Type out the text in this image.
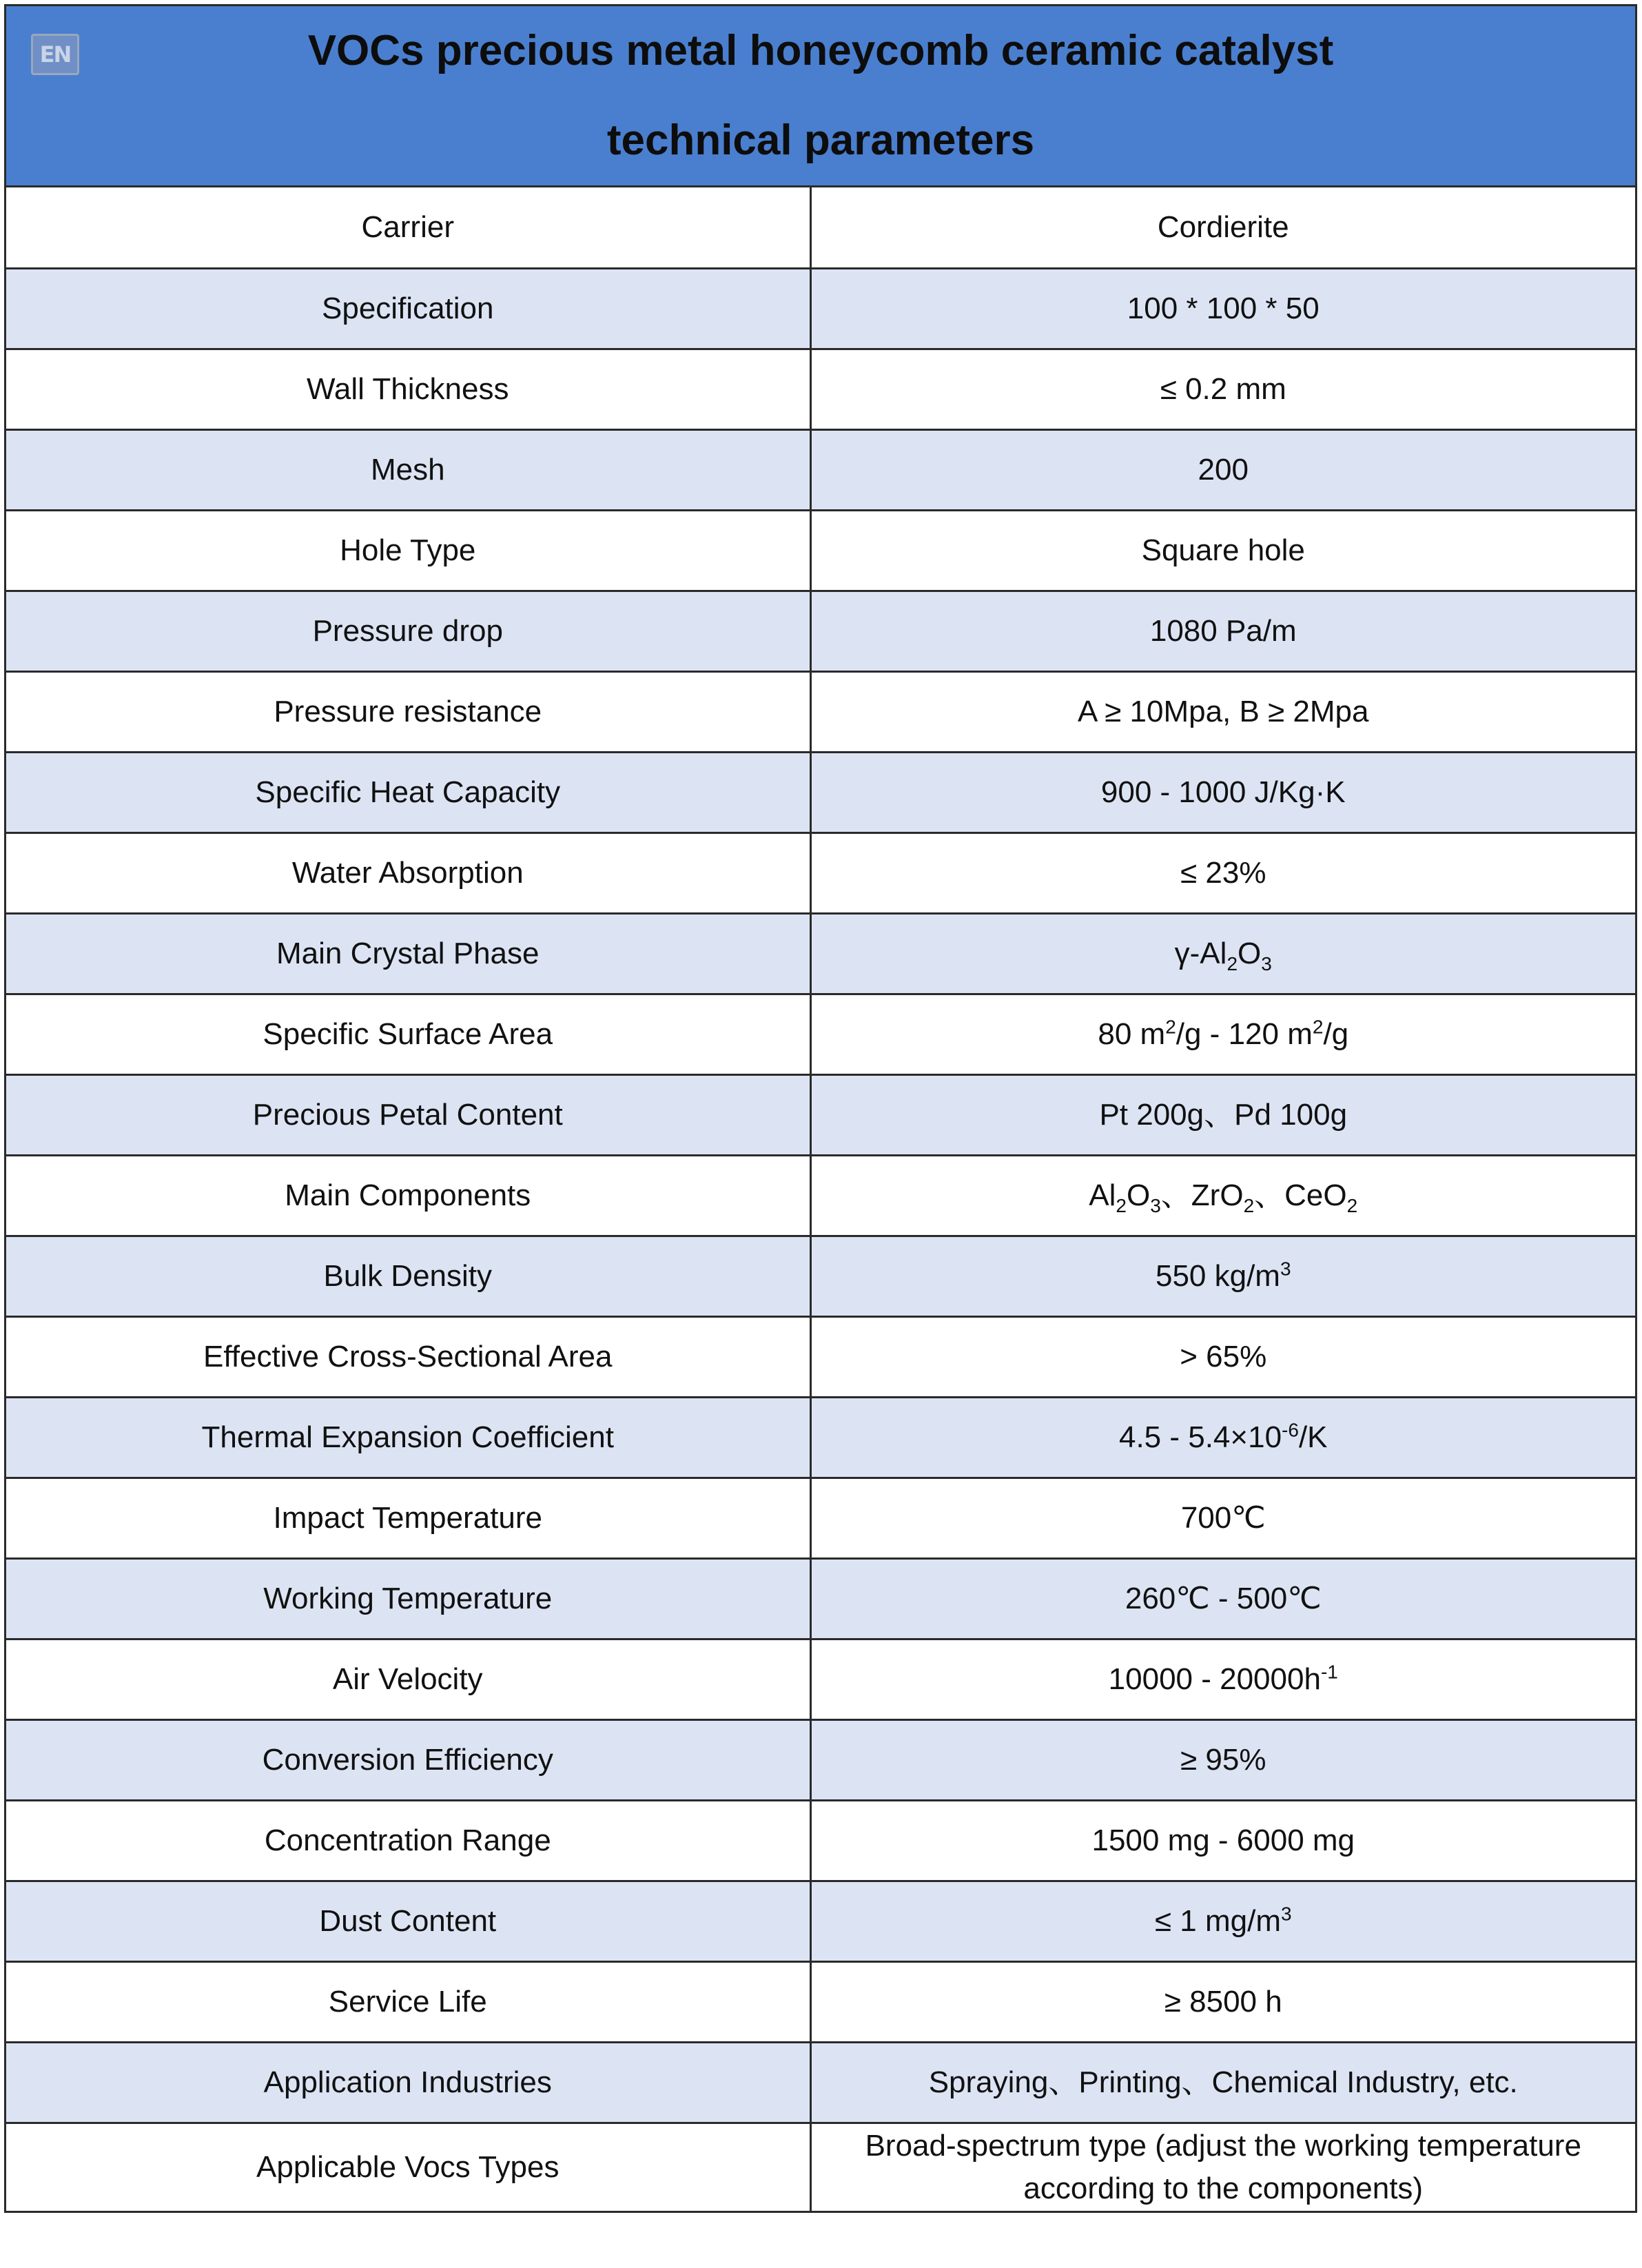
EN	VOCs precious metal honeycomb ceramic catalyst
technical parameters
Carrier	Cordierite
Specification	100 * 100 * 50
Wall Thickness	≤ 0.2 mm
Mesh	200
Hole Type	Square hole
Pressure drop	1080 Pa/m
Pressure resistance	A ≥ 10Mpa, B ≥ 2Mpa
Specific Heat Capacity	900 - 1000 J/Kg·K
Water Absorption	≤ 23%
Main Crystal Phase	$\gamma-Al_2O_3$
Specific Surface Area	80 $m^2/g - 120$ $m^2/g$
Precious Petal Content	Pt 200g、Pd 100g
Main Components	$Al_2O_3$、ZrO$_2$、CeO$_2$
Bulk Density	550 $kg/m^3$
Effective Cross-Sectional Area	> 65%
Thermal Expansion Coefficient	$4.5 - 5.4\times 10^{-6}/K$
Impact Temperature	700℃
Working Temperature	260℃ - 500℃
Air Velocity	$10000 - 20000h^{-1}$
Conversion Efficiency	≥ 95%
Concentration Range	1500 mg - 6000 mg
Dust Content	≤ 1 $mg/m^3$
Service Life	≥ 8500 h
Application Industries	Spraying、Printing、Chemical Industry, etc.
Applicable Vocs Types	Broad-spectrum type (adjust the working temperature according to the components)
